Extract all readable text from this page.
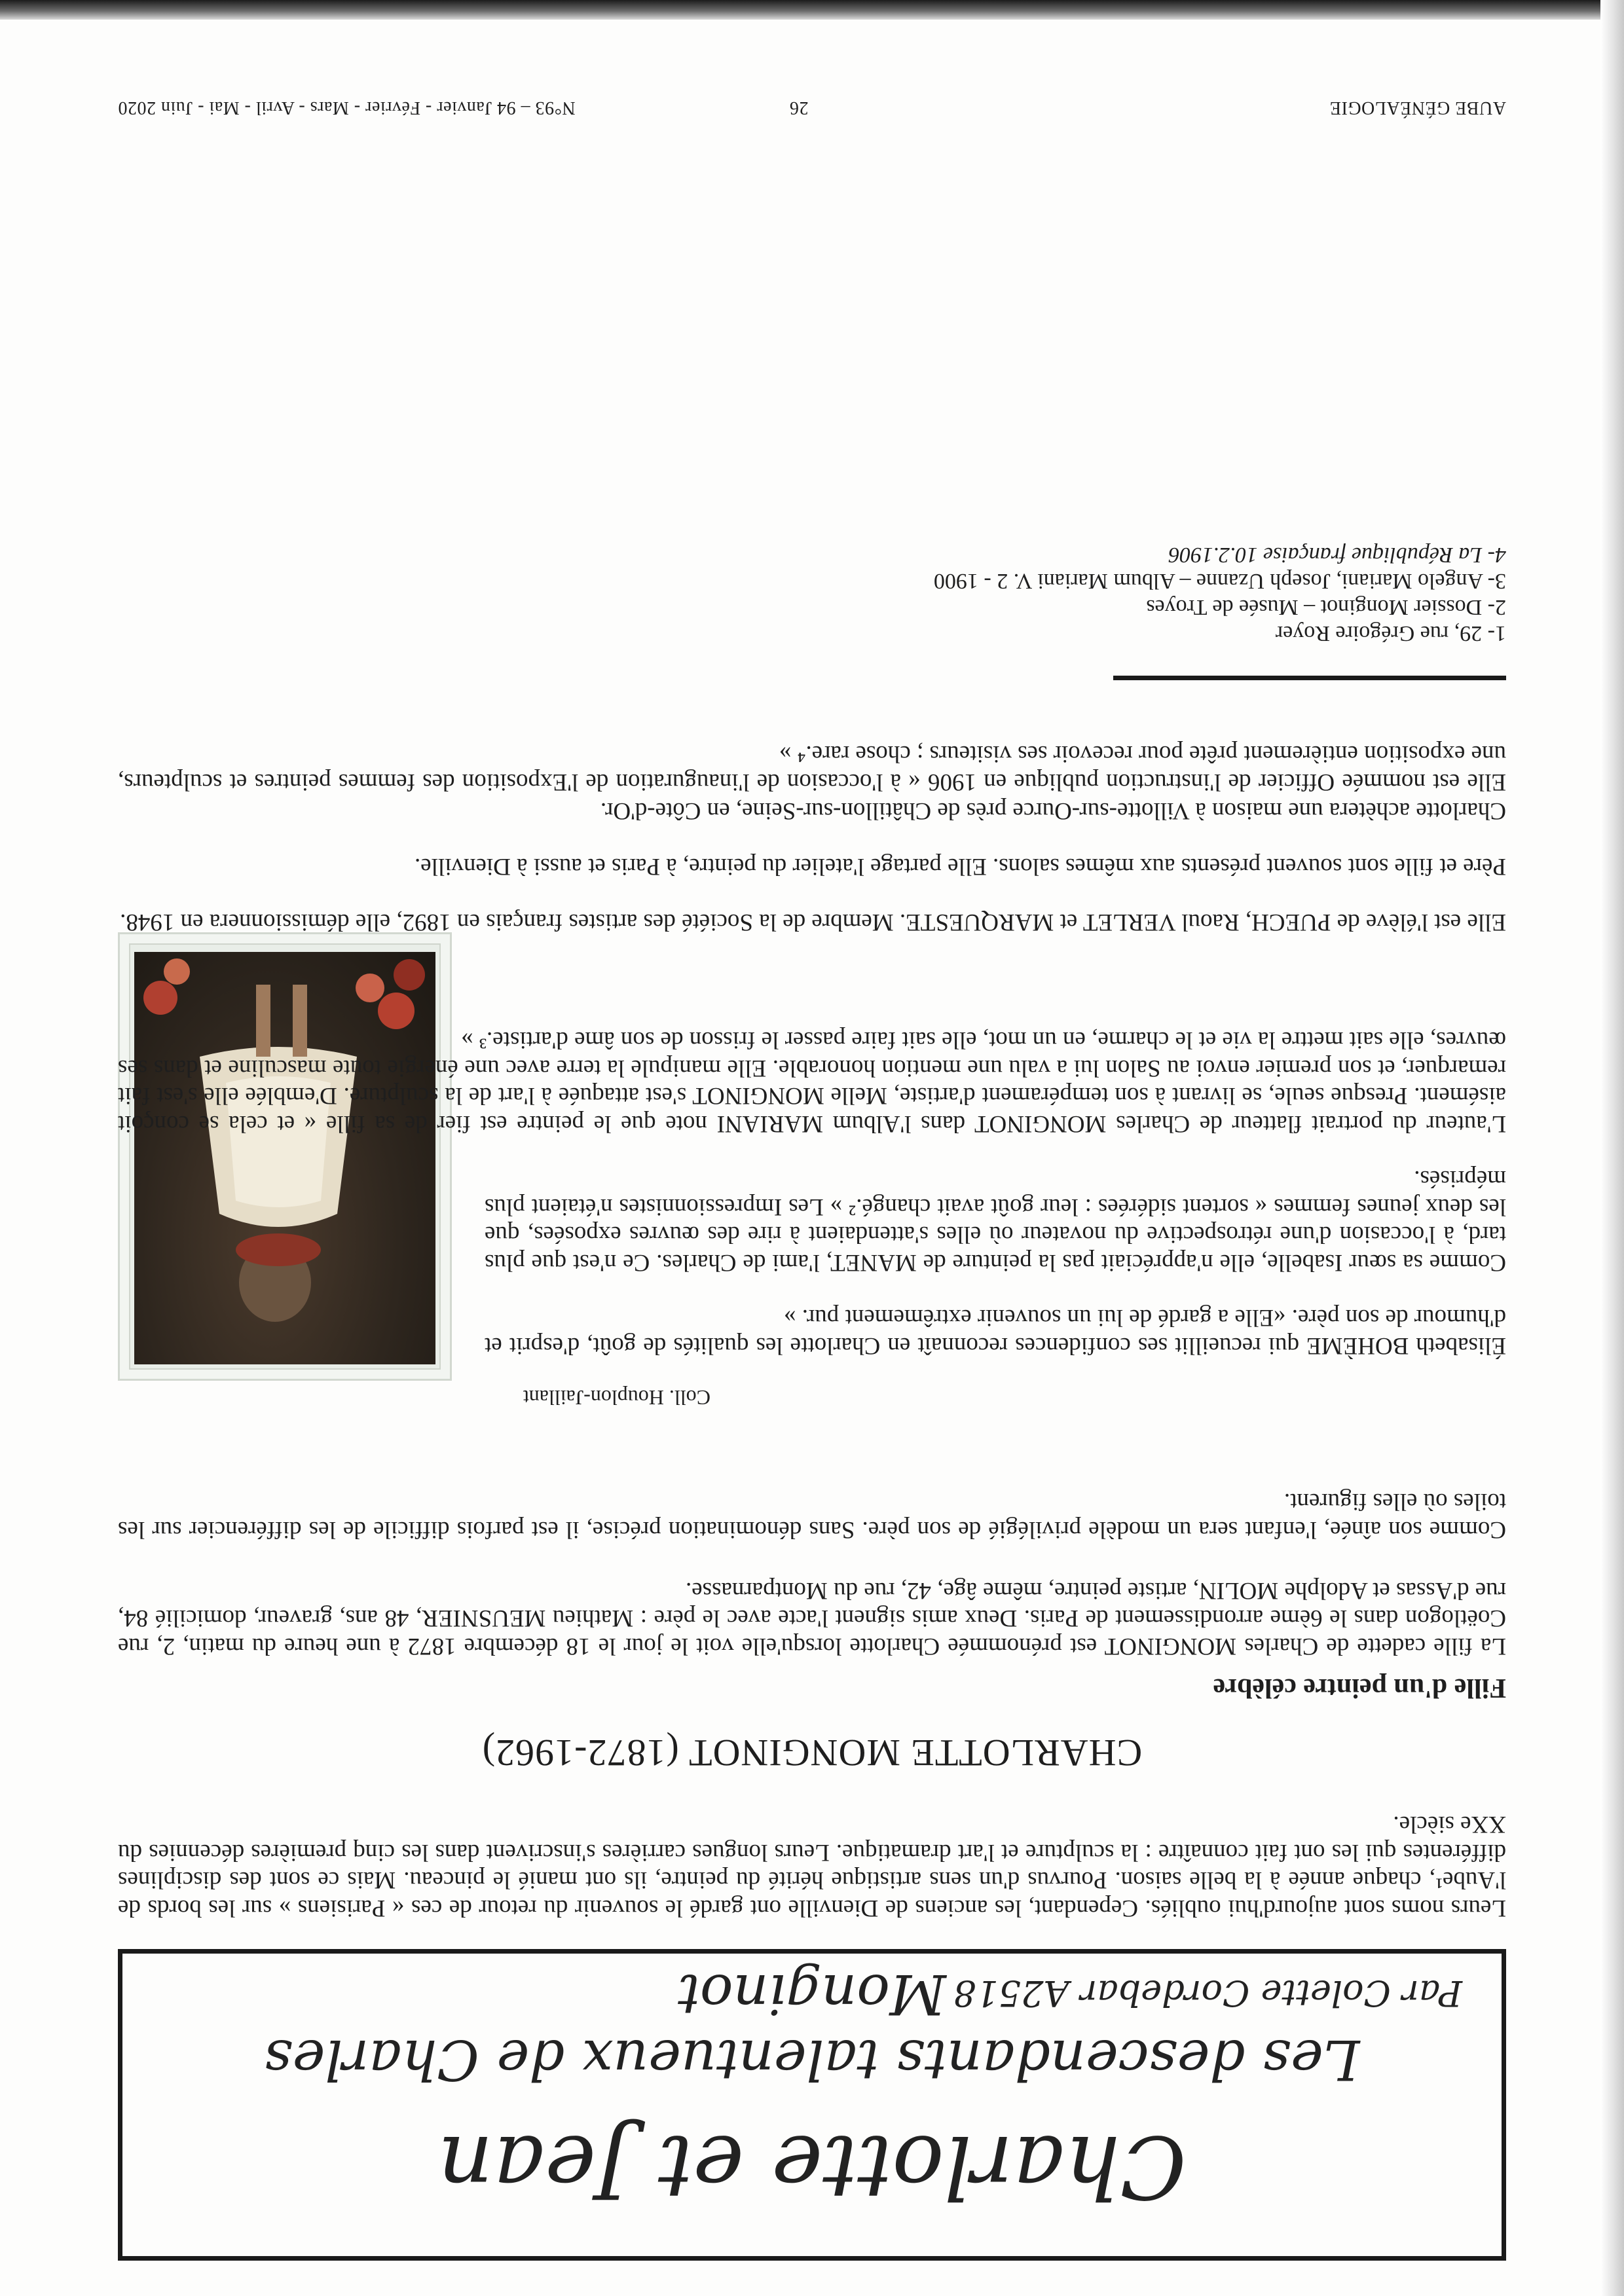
Charlotte et Jean
Les descendants talentueux de Charles Monginot Par Colette Cordebar A2518

Leurs noms sont aujourd'hui oubliés. Cependant, les anciens de Dienville ont gardé le souvenir du retour de ces « Parisiens » sur les bords de l'Aube¹, chaque année à la belle saison. Pourvus d'un sens artistique hérité du peintre, ils ont manié le pinceau. Mais ce sont des disciplines différentes qui les ont fait connaître : la sculpture et l'art dramatique. Leurs longues carrières s'inscrivent dans les cinq premières décennies du XXe siècle.

CHARLOTTE MONGINOT (1872-1962)
Fille d'un peintre célèbre

La fille cadette de Charles MONGINOT est prénommée Charlotte lorsqu'elle voit le jour le 18 décembre 1872 à une heure du matin, 2, rue Coëtlogon dans le 6ème arrondissement de Paris. Deux amis signent l'acte avec le père : Mathieu MEUSNIER, 48 ans, graveur, domicilié 84, rue d'Assas et Adolphe MOLIN, artiste peintre, même âge, 42, rue du Montparnasse.

Comme son aînée, l'enfant sera un modèle privilégié de son père. Sans dénomination précise, il est parfois difficile de les différencier sur les toiles où elles figurent.

Coll. Houplon-Jaillant

Élisabeth BOHÈME qui recueillit ses confidences reconnaît en Charlotte les qualités de goût, d'esprit et d'humour de son père. «Elle a gardé de lui un souvenir extrêmement pur. »

Comme sa sœur Isabelle, elle n'appréciait pas la peinture de MANET, l'ami de Charles. Ce n'est que plus tard, à l'occasion d'une rétrospective du novateur où elles s'attendaient à rire des œuvres exposées, que les deux jeunes femmes « sortent sidérées : leur goût avait changé.² » Les Impressionnistes n'étaient plus méprisés.

L'auteur du portrait flatteur de Charles MONGINOT dans l'Album MARIANI note que le peintre est fier de sa fille « et cela se conçoit aisément. Presque seule, se livrant à son tempérament d'artiste, Melle MONGINOT s'est attaquée à l'art de la sculpture. D'emblée elle s'est fait remarquer, et son premier envoi au Salon lui a valu une mention honorable. Elle manipule la terre avec une énergie toute masculine et dans ses œuvres, elle sait mettre la vie et le charme, en un mot, elle sait faire passer le frisson de son âme d'artiste.³ »

Elle est l'élève de PUECH, Raoul VERLET et MARQUESTE. Membre de la Société des artistes français en 1892, elle démissionnera en 1948.

Père et fille sont souvent présents aux mêmes salons. Elle partage l'atelier du peintre, à Paris et aussi à Dienville.

Charlotte achètera une maison à Villotte-sur-Ource près de Châtillon-sur-Seine, en Côte-d'Or.

Elle est nommée Officier de l'instruction publique en 1906 « à l'occasion de l'inauguration de l'Exposition des femmes peintres et sculpteurs, une exposition entièrement prête pour recevoir ses visiteurs ; chose rare.⁴ »

1- 29, rue Grégoire Royer
2- Dossier Monginot – Musée de Troyes
3- Angelo Mariani, Joseph Uzanne – Album Mariani V. 2 - 1900
4- La République française 10.2.1906
AUBE GÉNÉALOGIE
26
N°93 – 94 Janvier - Février - Mars - Avril - Mai - Juin 2020
